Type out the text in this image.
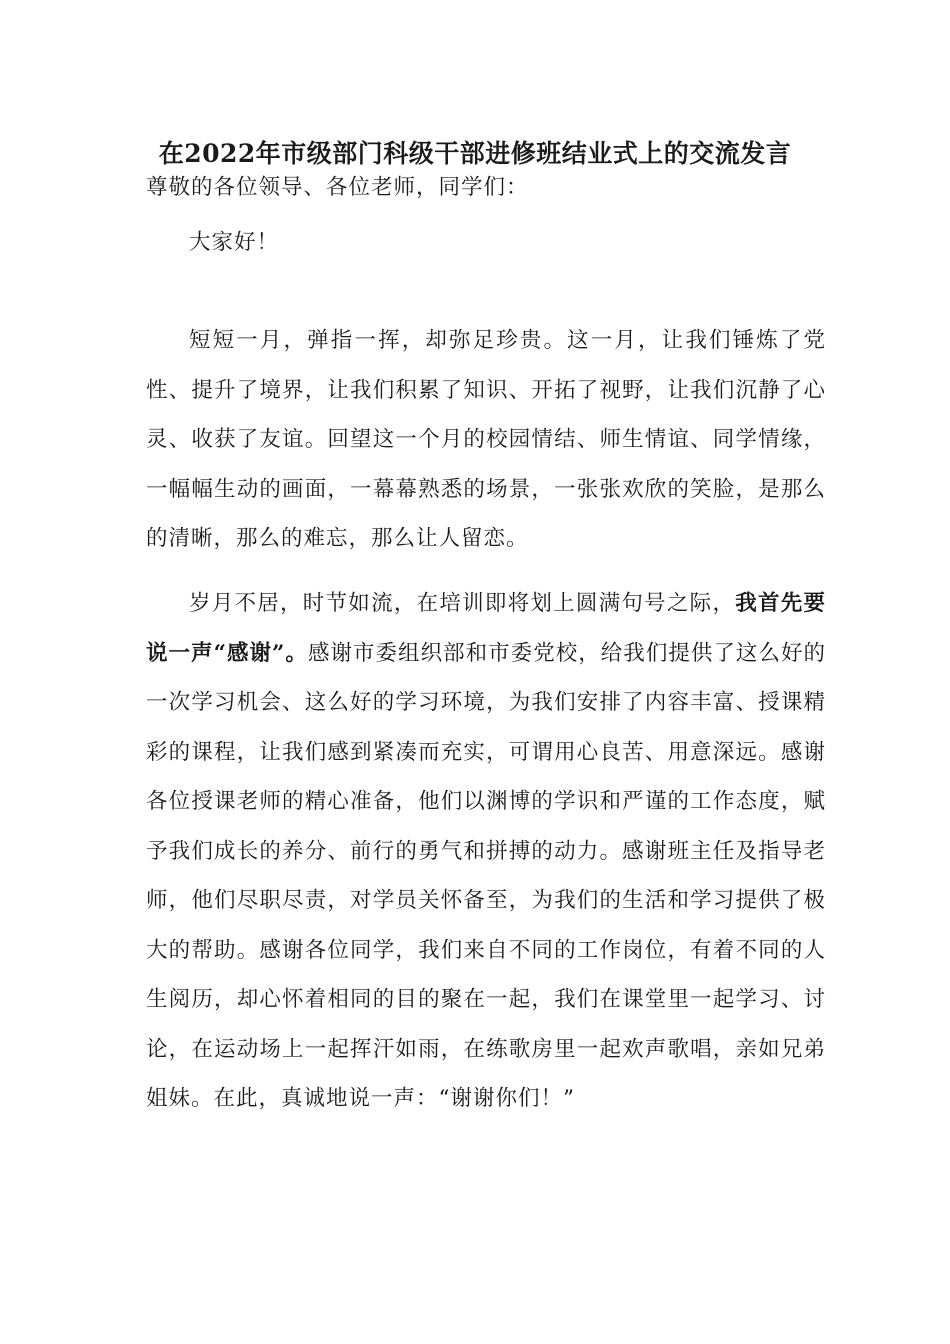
在2022年市级部门科级干部进修班结业式上的交流发言

尊敬的各位领导、各位老师，同学们：

大家好！

短短一月，弹指一挥，却弥足珍贵。这一月，让我们锤炼了党性、提升了境界，让我们积累了知识、开拓了视野，让我们沉静了心灵、收获了友谊。回望这一个月的校园情结、师生情谊、同学情缘，一幅幅生动的画面，一幕幕熟悉的场景，一张张欢欣的笑脸，是那么的清晰，那么的难忘，那么让人留恋。

岁月不居，时节如流，在培训即将划上圆满句号之际，我首先要说一声“感谢”。感谢市委组织部和市委党校，给我们提供了这么好的一次学习机会、这么好的学习环境，为我们安排了内容丰富、授课精彩的课程，让我们感到紧凑而充实，可谓用心良苦、用意深远。感谢各位授课老师的精心准备，他们以渊博的学识和严谨的工作态度，赋予我们成长的养分、前行的勇气和拼搏的动力。感谢班主任及指导老师，他们尽职尽责，对学员关怀备至，为我们的生活和学习提供了极大的帮助。感谢各位同学，我们来自不同的工作岗位，有着不同的人生阅历，却心怀着相同的目的聚在一起，我们在课堂里一起学习、讨论，在运动场上一起挥汗如雨，在练歌房里一起欢声歌唱，亲如兄弟姐妹。在此，真诚地说一声：“谢谢你们！”
